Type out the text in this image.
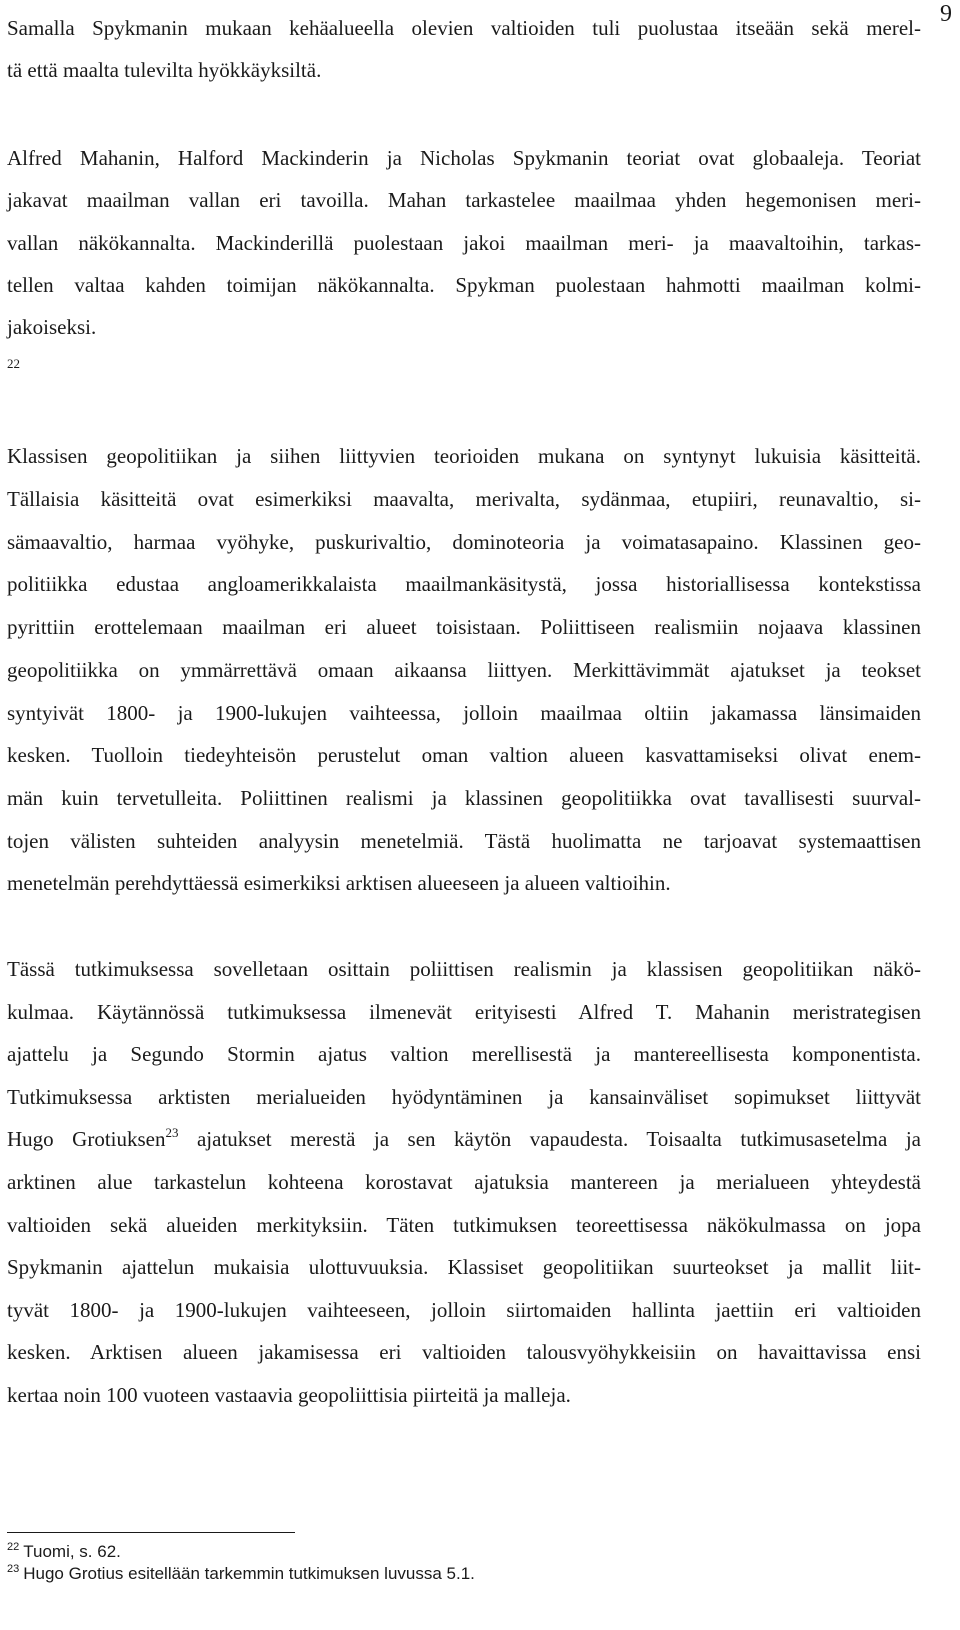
9
Samalla Spykmanin mukaan kehäalueella olevien valtioiden tuli puolustaa itseään sekä merel-
tä että maalta tulevilta hyökkäyksiltä.
Alfred Mahanin, Halford Mackinderin ja Nicholas Spykmanin teoriat ovat globaaleja. Teoriat
jakavat maailman vallan eri tavoilla. Mahan tarkastelee maailmaa yhden hegemonisen meri-
vallan näkökannalta. Mackinderillä puolestaan jakoi maailman meri- ja maavaltoihin, tarkas-
tellen valtaa kahden toimijan näkökannalta. Spykman puolestaan hahmotti maailman kolmi-
jakoiseksi.
$^{22}$
Klassisen geopolitiikan ja siihen liittyvien teorioiden mukana on syntynyt lukuisia käsitteitä.
Tällaisia käsitteitä ovat esimerkiksi maavalta, merivalta, sydänmaa, etupiiri, reunavaltio, si-
sämaavaltio, harmaa vyöhyke, puskurivaltio, dominoteoria ja voimatasapaino. Klassinen geo-
politiikka edustaa angloamerikkalaista maailmankäsitystä, jossa historiallisessa kontekstissa
pyrittiin erottelemaan maailman eri alueet toisistaan. Poliittiseen realismiin nojaava klassinen
geopolitiikka on ymmärrettävä omaan aikaansa liittyen. Merkittävimmät ajatukset ja teokset
syntyivät 1800- ja 1900-lukujen vaihteessa, jolloin maailmaa oltiin jakamassa länsimaiden
kesken. Tuolloin tiedeyhteisön perustelut oman valtion alueen kasvattamiseksi olivat enem-
män kuin tervetulleita. Poliittinen realismi ja klassinen geopolitiikka ovat tavallisesti suurval-
tojen välisten suhteiden analyysin menetelmiä. Tästä huolimatta ne tarjoavat systemaattisen
menetelmän perehdyttäessä esimerkiksi arktisen alueeseen ja alueen valtioihin.
Tässä tutkimuksessa sovelletaan osittain poliittisen realismin ja klassisen geopolitiikan näkö-
kulmaa. Käytännössä tutkimuksessa ilmenevät erityisesti Alfred T. Mahanin meristrategisen
ajattelu ja Segundo Stormin ajatus valtion merellisestä ja mantereellisesta komponentista.
Tutkimuksessa arktisten merialueiden hyödyntäminen ja kansainväliset sopimukset liittyvät
Hugo Grotiuksen$^{23}$ ajatukset merestä ja sen käytön vapaudesta. Toisaalta tutkimusasetelma ja
arktinen alue tarkastelun kohteena korostavat ajatuksia mantereen ja merialueen yhteydestä
valtioiden sekä alueiden merkityksiin. Täten tutkimuksen teoreettisessa näkökulmassa on jopa
Spykmanin ajattelun mukaisia ulottuvuuksia. Klassiset geopolitiikan suurteokset ja mallit liit-
tyvät 1800- ja 1900-lukujen vaihteeseen, jolloin siirtomaiden hallinta jaettiin eri valtioiden
kesken. Arktisen alueen jakamisessa eri valtioiden talousvyöhykkeisiin on havaittavissa ensi
kertaa noin 100 vuoteen vastaavia geopoliittisia piirteitä ja malleja.
$^{22}$ Tuomi, s. 62.
$^{23}$ Hugo Grotius esitellään tarkemmin tutkimuksen luvussa 5.1.
